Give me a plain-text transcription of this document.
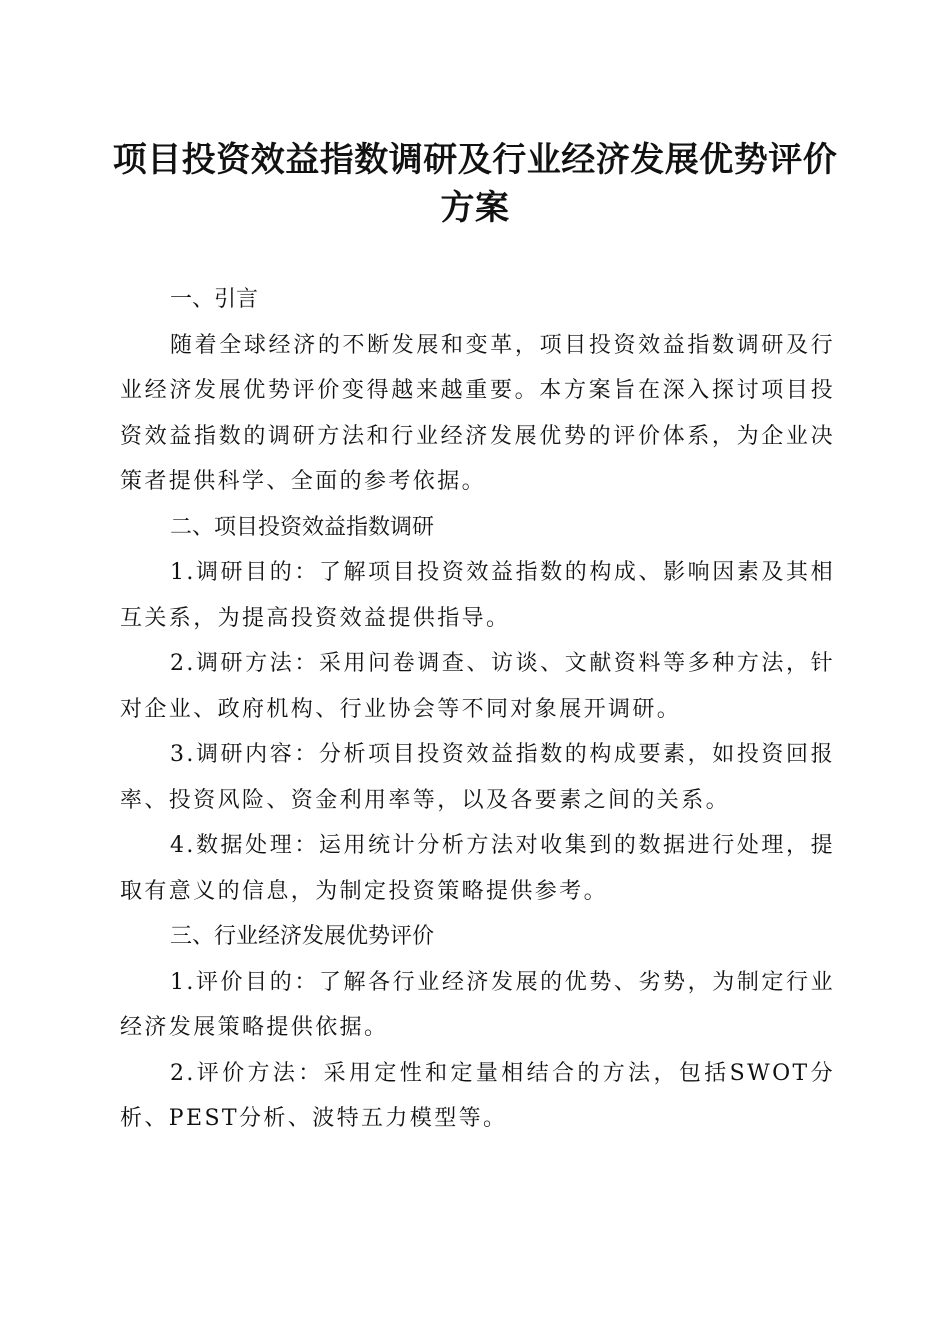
项目投资效益指数调研及行业经济发展优势评价方案
一、引言

随着全球经济的不断发展和变革，项目投资效益指数调研及行业经济发展优势评价变得越来越重要。本方案旨在深入探讨项目投资效益指数的调研方法和行业经济发展优势的评价体系，为企业决策者提供科学、全面的参考依据。

二、项目投资效益指数调研

1.调研目的：了解项目投资效益指数的构成、影响因素及其相互关系，为提高投资效益提供指导。

2.调研方法：采用问卷调查、访谈、文献资料等多种方法，针对企业、政府机构、行业协会等不同对象展开调研。

3.调研内容：分析项目投资效益指数的构成要素，如投资回报率、投资风险、资金利用率等，以及各要素之间的关系。

4.数据处理：运用统计分析方法对收集到的数据进行处理，提取有意义的信息，为制定投资策略提供参考。

三、行业经济发展优势评价

1.评价目的：了解各行业经济发展的优势、劣势，为制定行业经济发展策略提供依据。

2.评价方法：采用定性和定量相结合的方法，包括SWOT分析、PEST分析、波特五力模型等。
